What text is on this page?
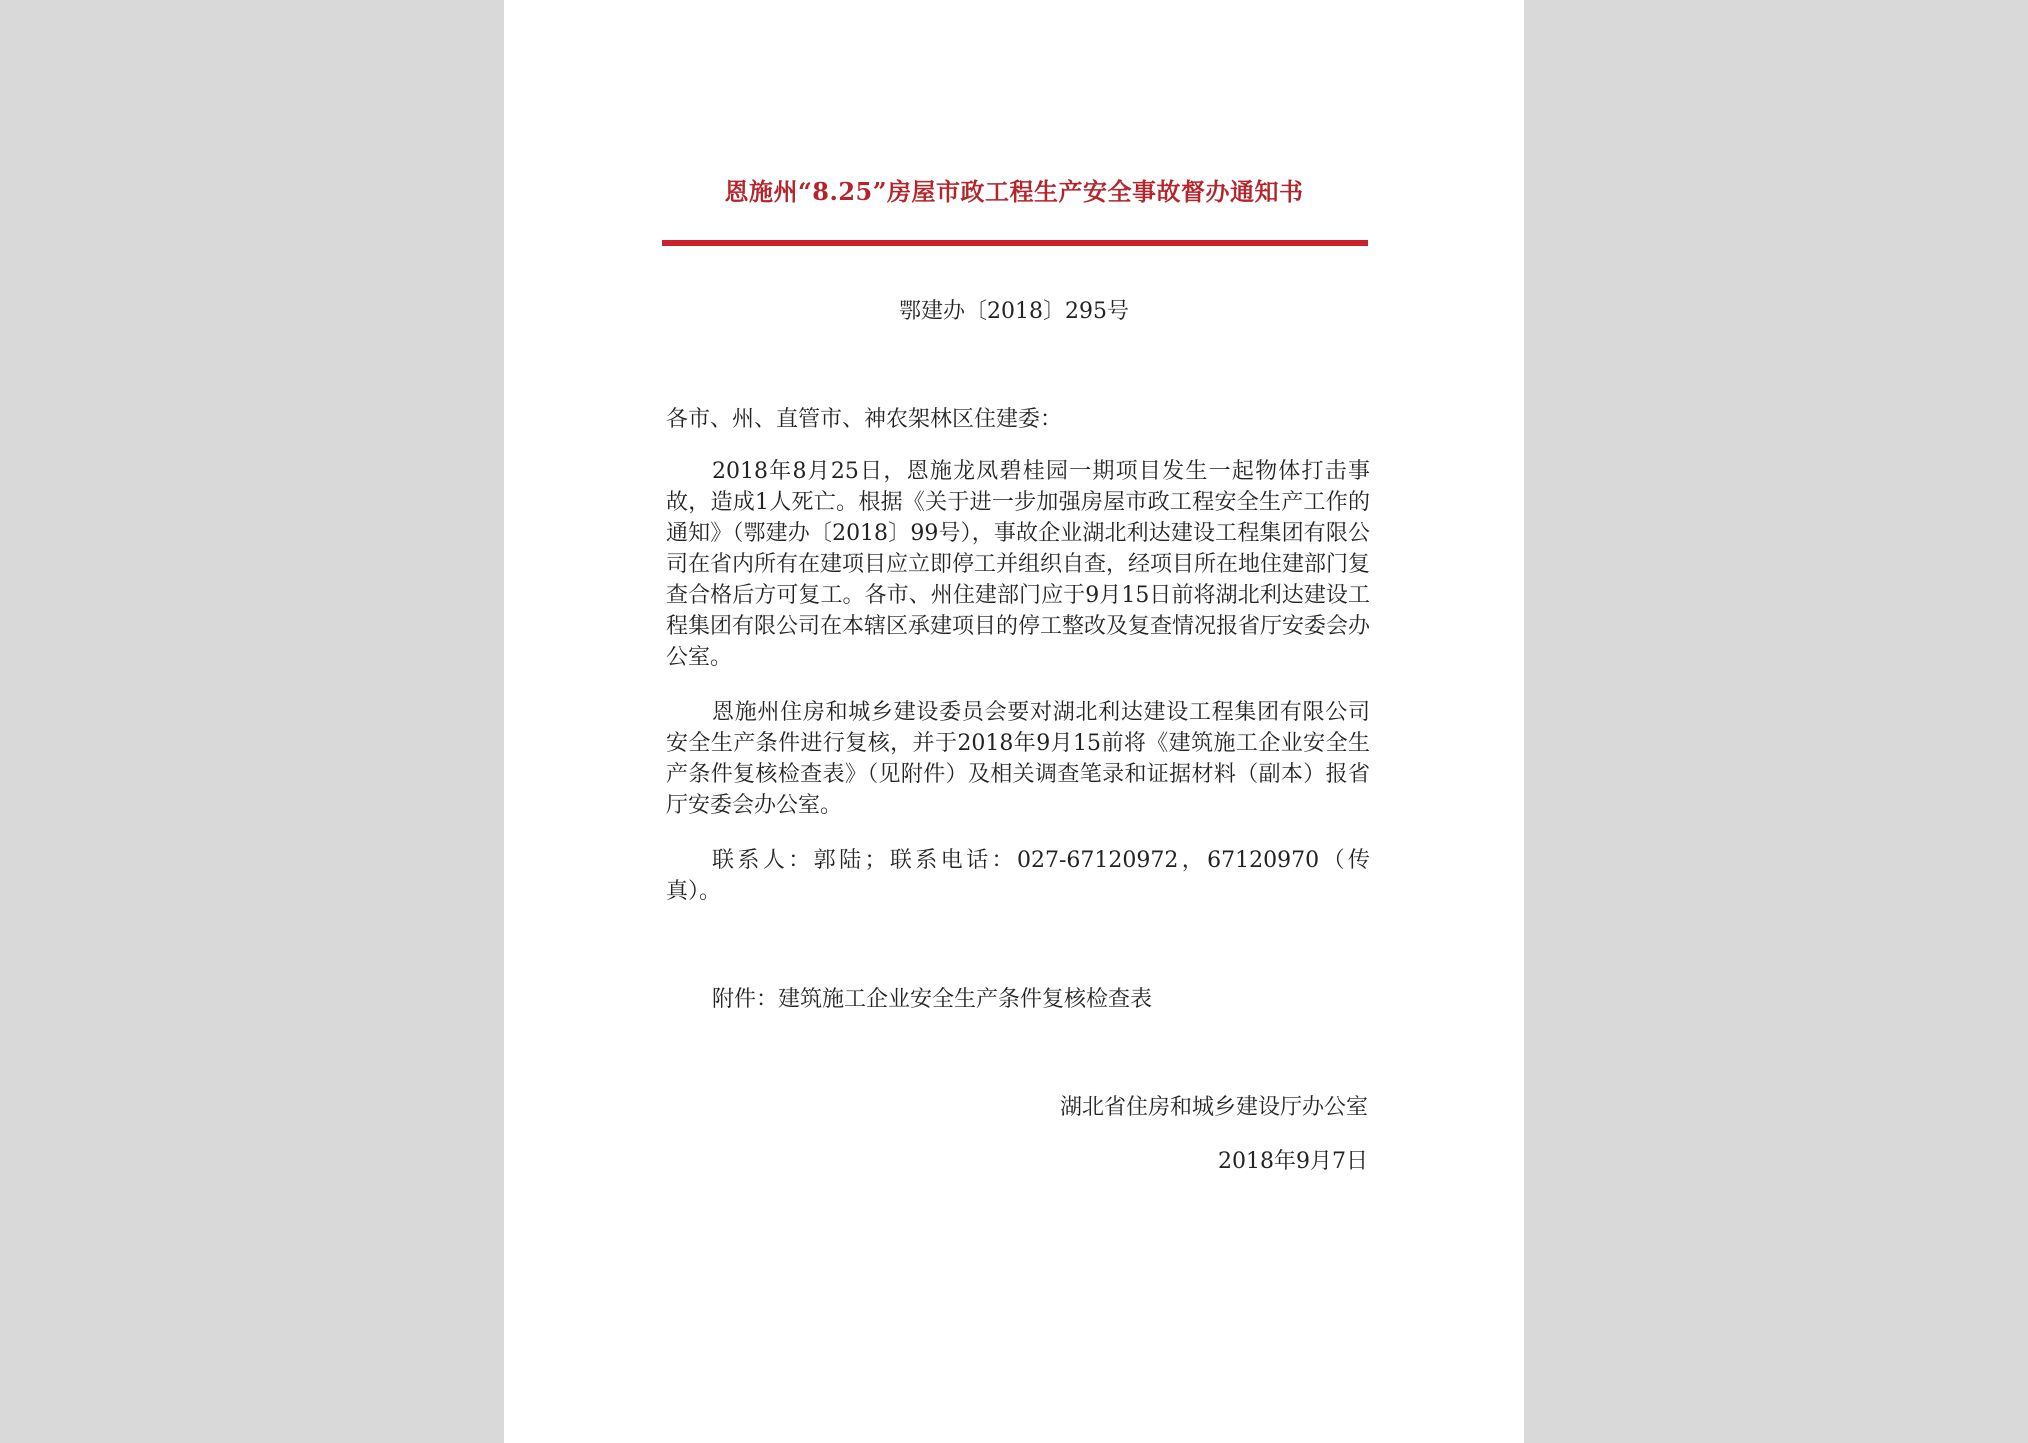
恩施州“8.25”房屋市政工程生产安全事故督办通知书
鄂建办〔2018〕295号
各市、州、直管市、神农架林区住建委：
2018年8月25日，恩施龙凤碧桂园一期项目发生一起物体打击事故，造成1人死亡。根据《关于进一步加强房屋市政工程安全生产工作的通知》（鄂建办〔2018〕99号），事故企业湖北利达建设工程集团有限公司在省内所有在建项目应立即停工并组织自查，经项目所在地住建部门复查合格后方可复工。各市、州住建部门应于9月15日前将湖北利达建设工程集团有限公司在本辖区承建项目的停工整改及复查情况报省厅安委会办公室。
恩施州住房和城乡建设委员会要对湖北利达建设工程集团有限公司安全生产条件进行复核，并于2018年9月15前将《建筑施工企业安全生产条件复核检查表》（见附件）及相关调查笔录和证据材料（副本）报省厅安委会办公室。
联系人：郭陆；联系电话：027-67120972，67120970（传真）。
附件：建筑施工企业安全生产条件复核检查表
湖北省住房和城乡建设厅办公室
2018年9月7日
